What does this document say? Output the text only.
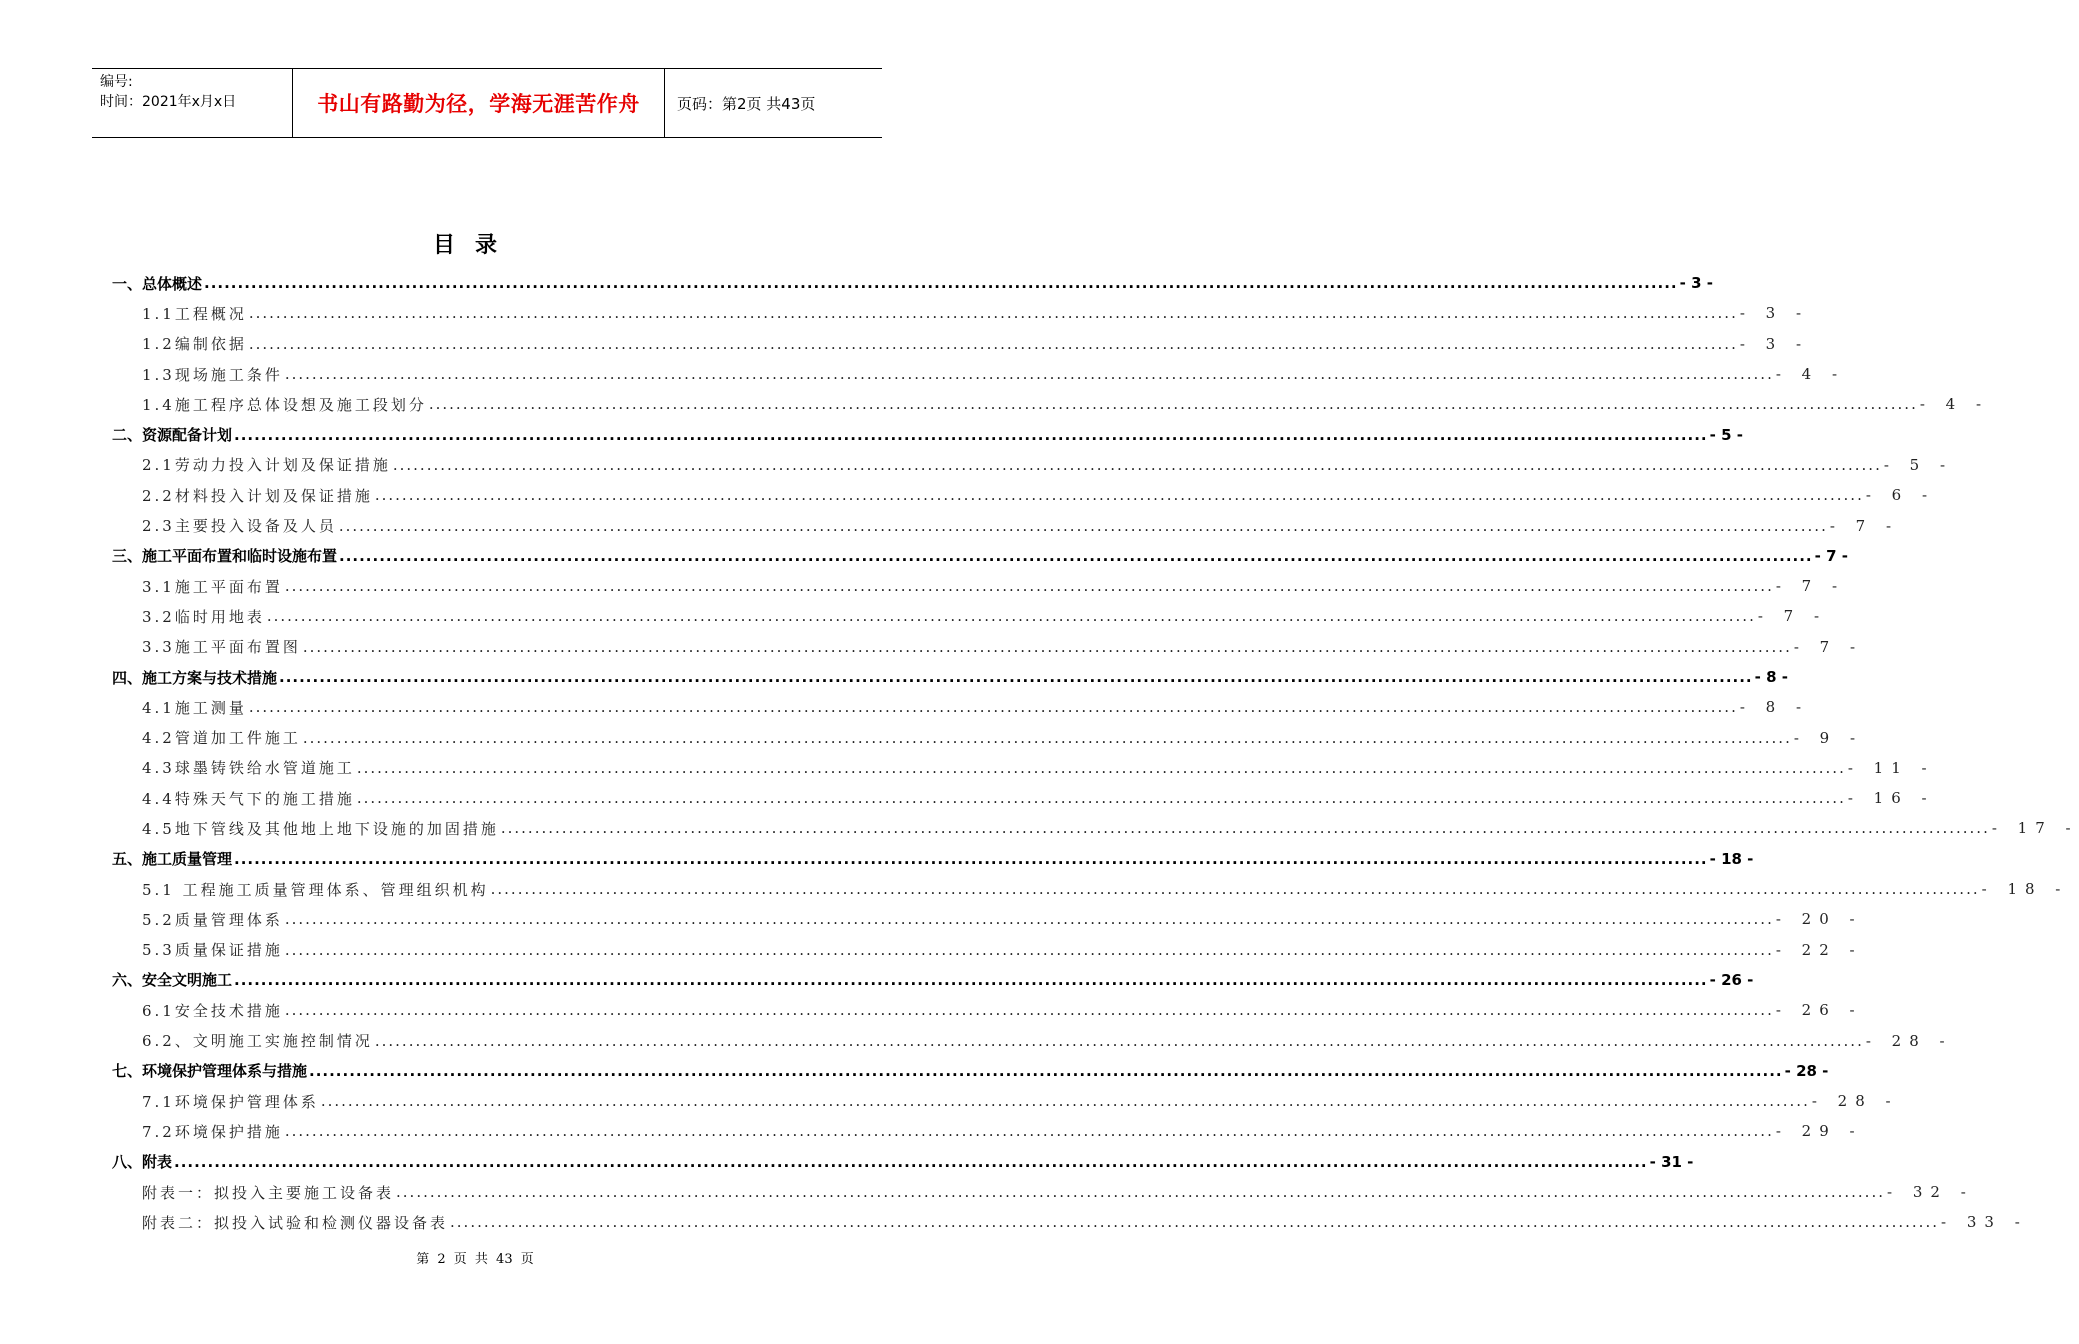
编号:
时间：2021年x月x日	书山有路勤为径，学海无涯苦作舟	页码：第2页 共43页
目录
一、总体概述 ............................................................................................................................................................................................................................ - 3 -
1.1工程概况 ............................................................................................................................................................................................................................ - 3 -
1.2编制依据 ............................................................................................................................................................................................................................ - 3 -
1.3现场施工条件 ............................................................................................................................................................................................................................ - 4 -
1.4施工程序总体设想及施工段划分 ............................................................................................................................................................................................................................ - 4 -
二、资源配备计划 ............................................................................................................................................................................................................................ - 5 -
2.1劳动力投入计划及保证措施 ............................................................................................................................................................................................................................ - 5 -
2.2材料投入计划及保证措施 ............................................................................................................................................................................................................................ - 6 -
2.3主要投入设备及人员 ............................................................................................................................................................................................................................ - 7 -
三、施工平面布置和临时设施布置 ............................................................................................................................................................................................................................ - 7 -
3.1施工平面布置 ............................................................................................................................................................................................................................ - 7 -
3.2临时用地表 ............................................................................................................................................................................................................................ - 7 -
3.3施工平面布置图 ............................................................................................................................................................................................................................ - 7 -
四、施工方案与技术措施 ............................................................................................................................................................................................................................ - 8 -
4.1施工测量 ............................................................................................................................................................................................................................ - 8 -
4.2管道加工件施工 ............................................................................................................................................................................................................................ - 9 -
4.3球墨铸铁给水管道施工 ............................................................................................................................................................................................................................ - 11 -
4.4特殊天气下的施工措施 ............................................................................................................................................................................................................................ - 16 -
4.5地下管线及其他地上地下设施的加固措施 ............................................................................................................................................................................................................................ - 17 -
五、施工质量管理 ............................................................................................................................................................................................................................ - 18 -
5.1 工程施工质量管理体系、管理组织机构 ............................................................................................................................................................................................................................ - 18 -
5.2质量管理体系 ............................................................................................................................................................................................................................ - 20 -
5.3质量保证措施 ............................................................................................................................................................................................................................ - 22 -
六、安全文明施工 ............................................................................................................................................................................................................................ - 26 -
6.1安全技术措施 ............................................................................................................................................................................................................................ - 26 -
6.2、文明施工实施控制情况 ............................................................................................................................................................................................................................ - 28 -
七、环境保护管理体系与措施 ............................................................................................................................................................................................................................ - 28 -
7.1环境保护管理体系 ............................................................................................................................................................................................................................ - 28 -
7.2环境保护措施 ............................................................................................................................................................................................................................ - 29 -
八、附表 ............................................................................................................................................................................................................................ - 31 -
附表一：拟投入主要施工设备表 ............................................................................................................................................................................................................................ - 32 -
附表二：拟投入试验和检测仪器设备表 ............................................................................................................................................................................................................................ - 33 -
第 2 页 共 43 页
